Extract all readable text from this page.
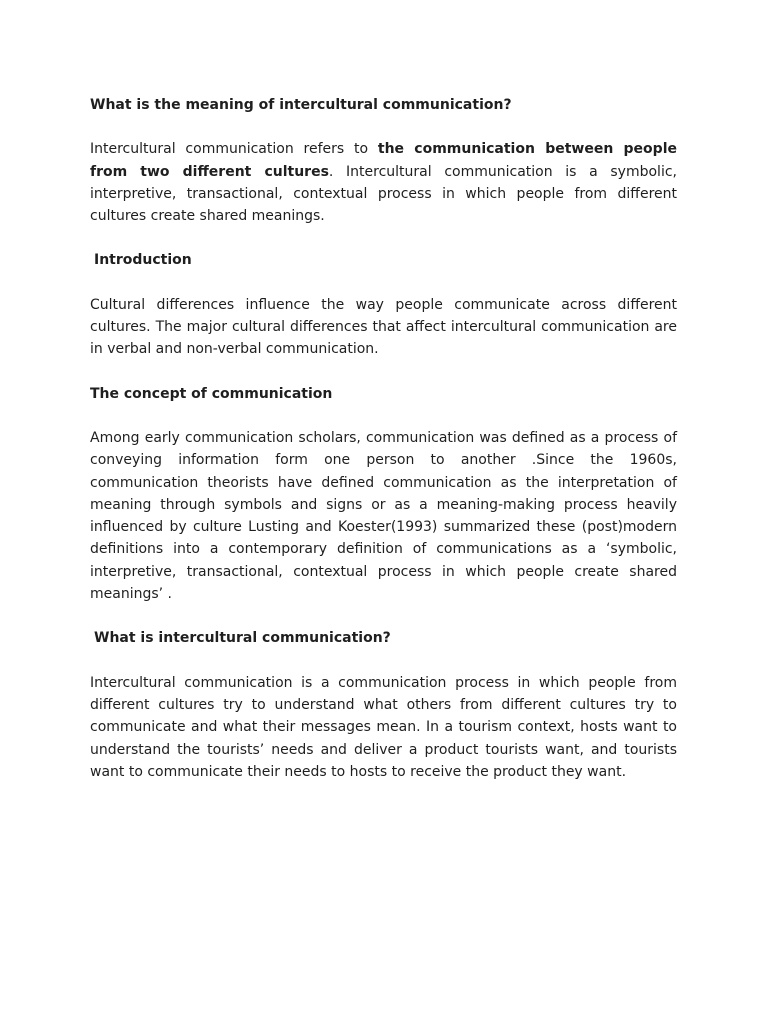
What is the meaning of intercultural communication?

Intercultural communication refers to the communication between people from two different cultures. Intercultural communication is a symbolic, interpretive, transactional, contextual process in which people from different cultures create shared meanings.

Introduction

Cultural differences influence the way people communicate across different cultures. The major cultural differences that affect intercultural communication are in verbal and non-verbal communication.

The concept of communication

Among early communication scholars, communication was defined as a process of conveying information form one person to another .Since the 1960s, communication theorists have defined communication as the interpretation of meaning through symbols and signs or as a meaning-making process heavily influenced by culture Lusting and Koester(1993) summarized these (post)modern definitions into a contemporary definition of communications as a ‘symbolic, interpretive, transactional, contextual process in which people create shared meanings’ .

What is intercultural communication?

Intercultural communication is a communication process in which people from different cultures try to understand what others from different cultures try to communicate and what their messages mean. In a tourism context, hosts want to understand the tourists’ needs and deliver a product tourists want, and tourists want to communicate their needs to hosts to receive the product they want.
